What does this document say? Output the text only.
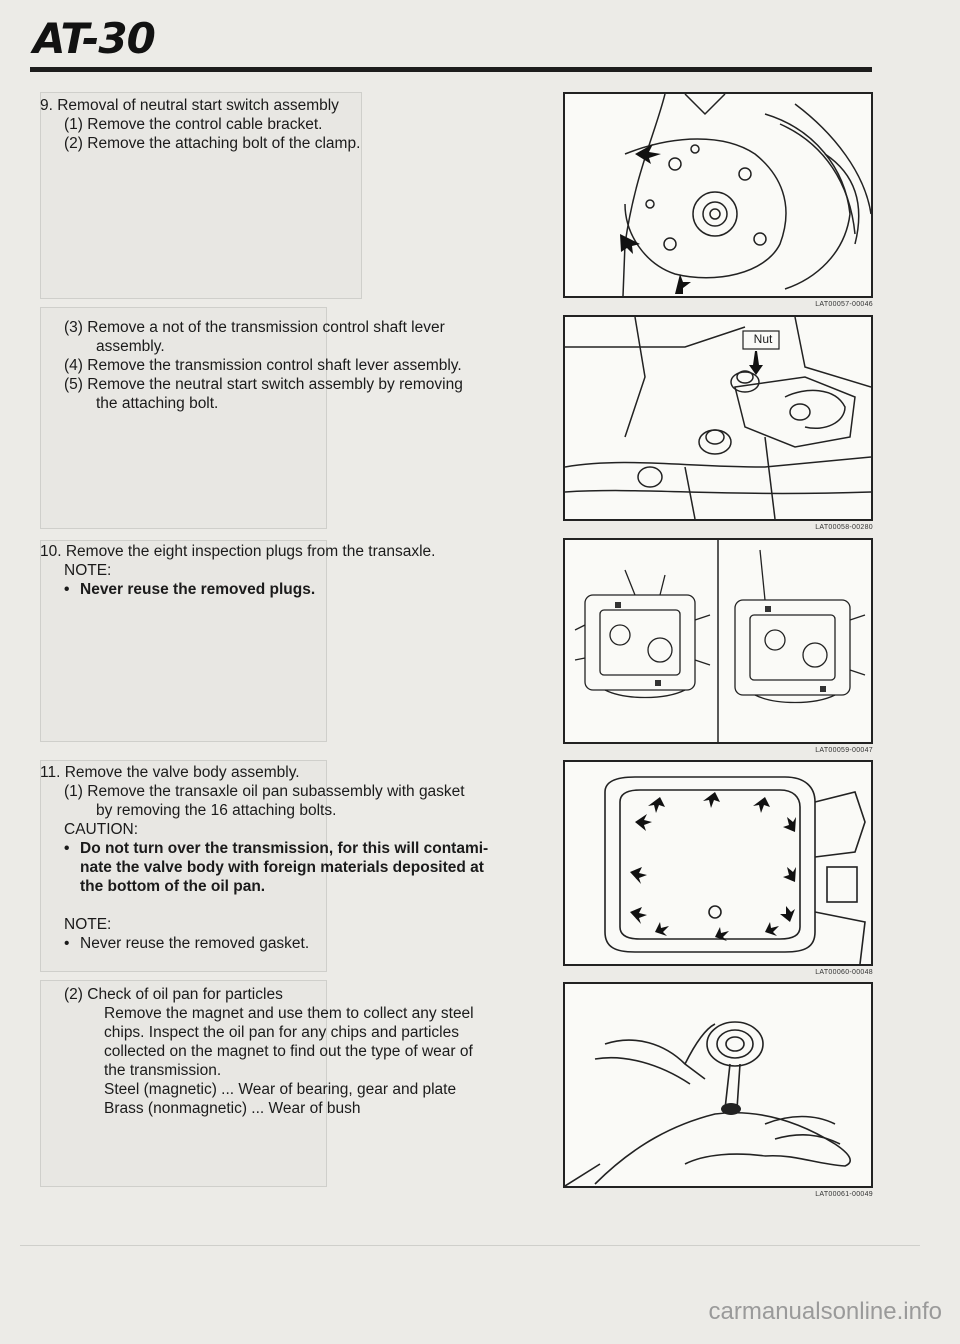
AT-30
9. Removal of neutral start switch assembly
(1) Remove the control cable bracket.
(2) Remove the attaching bolt of the clamp.
(3) Remove a not of the transmission control shaft lever
assembly.
(4) Remove the transmission control shaft lever assembly.
(5) Remove the neutral start switch assembly by removing
the attaching bolt.
10. Remove the eight inspection plugs from the transaxle.
NOTE:
• Never reuse the removed plugs.
11. Remove the valve body assembly.
(1) Remove the transaxle oil pan subassembly with gasket
by removing the 16 attaching bolts.
CAUTION:
• Do not turn over the transmission, for this will contami-
nate the valve body with foreign materials deposited at
the bottom of the oil pan.
NOTE:
• Never reuse the removed gasket.
(2) Check of oil pan for particles
Remove the magnet and use them to collect any steel
chips. Inspect the oil pan for any chips and particles
collected on the magnet to find out the type of wear of
the transmission.
Steel (magnetic) ... Wear of bearing, gear and plate
Brass (nonmagnetic) ... Wear of bush
LAT00057-00046
Nut
LAT00058-00280
LAT00059-00047
LAT00060-00048
LAT00061-00049
carmanualsonline.info
